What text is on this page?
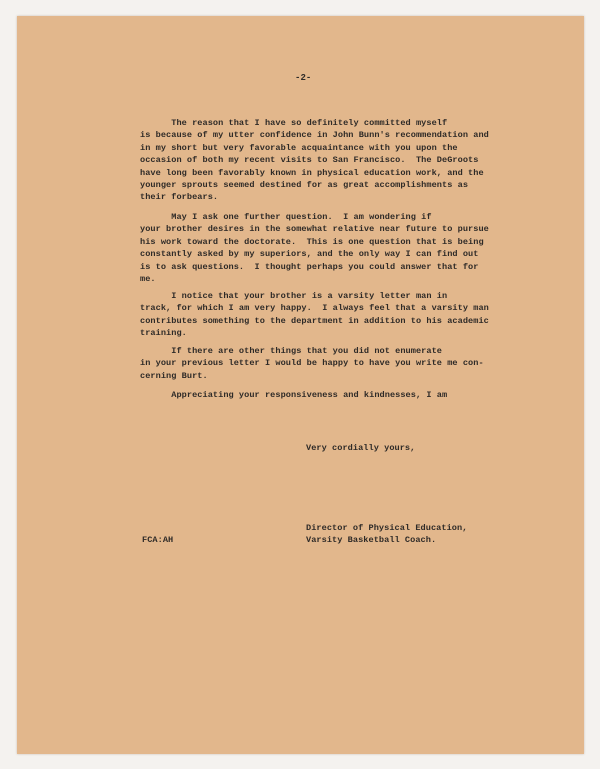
-2-
The reason that I have so definitely committed myself
is because of my utter confidence in John Bunn's recommendation and
in my short but very favorable acquaintance with you upon the
occasion of both my recent visits to San Francisco.  The DeGroots
have long been favorably known in physical education work, and the
younger sprouts seemed destined for as great accomplishments as
their forbears.
May I ask one further question.  I am wondering if
your brother desires in the somewhat relative near future to pursue
his work toward the doctorate.  This is one question that is being
constantly asked by my superiors, and the only way I can find out
is to ask questions.  I thought perhaps you could answer that for
me.
I notice that your brother is a varsity letter man in
track, for which I am very happy.  I always feel that a varsity man
contributes something to the department in addition to his academic
training.
If there are other things that you did not enumerate
in your previous letter I would be happy to have you write me con-
cerning Burt.
Appreciating your responsiveness and kindnesses, I am
Very cordially yours,
Director of Physical Education,
Varsity Basketball Coach.
FCA:AH
